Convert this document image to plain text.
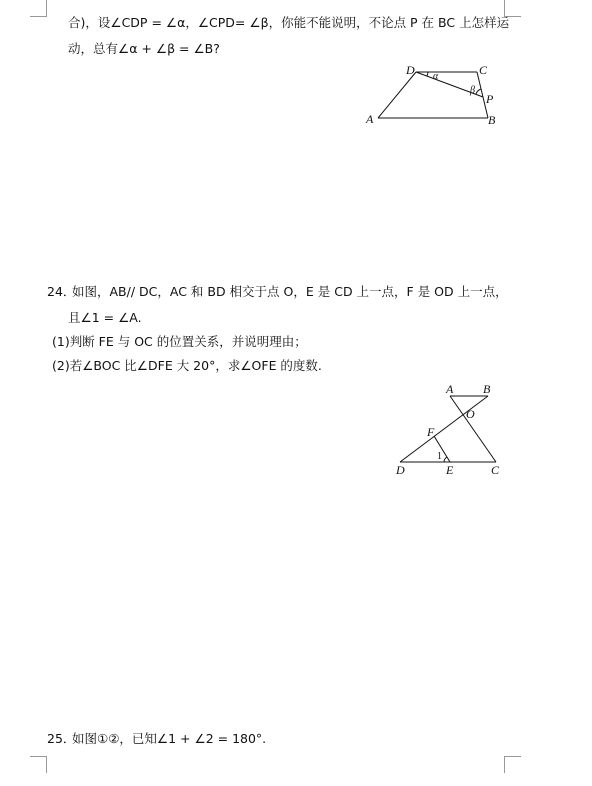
合)，设∠CDP = ∠α，∠CPD= ∠β，你能不能说明，不论点 P 在 BC 上怎样运
动，总有∠α + ∠β = ∠B?
D	C
A	B
P
α
β
24．
如图，AB// DC，AC 和 BD 相交于点 O，E 是 CD 上一点，F 是 OD 上一点，
且∠1 = ∠A.
(1)判断 FE 与 OC 的位置关系，并说明理由；
(2)若∠BOC 比∠DFE 大 20°，求∠OFE 的度数.
A B
O
F
D	E	C
1
25．
如图①②，已知∠1 + ∠2 = 180°.
